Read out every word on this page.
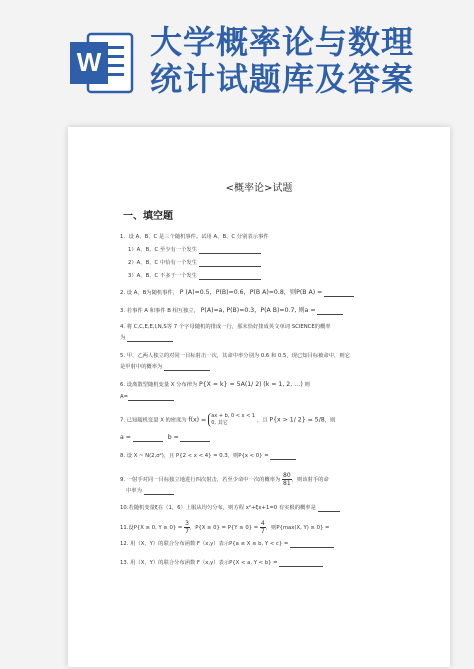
W
大学概率论与数理
统计试题库及答案
<概率论>试题
一、填空题
1．设 A、B、C 是三个随机事件。试用 A、B、C 分别表示事件
1）A、B、C 至少有一个发生
2）A、B、C 中恰有一个发生
3）A、B、C 不多于一个发生
2. 设 A、B为随机事件， P (A)=0.5，P(B)=0.6，P(B A)=0.8，则P(B A) =
3. 若事件 A 和事件 B 相互独立， P(A)=a, P(B)=0.3，P(A B)=0.7, 则a =
4. 将 C,C,E,E,I,N,S等 7 个字母随机的排成一行，那末恰好排成英文单词 SCIENCE的概率
为
5. 甲、乙两人独立的对同一目标射击一次，其命中率分别为 0.6 和 0.5，现已知目标被命中，则它
是甲射中的概率为
6. 设离散型随机变量 X 分布律为 P{X = k} = 5A(1/ 2) (k = 1, 2, …) 则
A=
7. 已知随机变量 X 的密度为 f(x) =ax + b, 0 < x < 1
0, 其它	，且 P{x > 1/ 2} = 5/8，则
a =	b =
8. 设 X ~ N(2,σ²)，且 P{2 < x < 4} = 0.3，则P{x < 0} =
9. 一射手对同一目标独立地进行四次射击，若至少命中一次的概率为 $\frac{80}{81}$ ，则该射手的命
中率为
10.若随机变量ξ在（1，6）上服从均匀分布，则方程 x²+ξx+1=0 有实根的概率是
11.设P{X ≥ 0, $Y \ge 0\} = \frac{3}{7}$ ，$P\{X \ge 0\} = P\{Y \ge 0\} = \frac{4}{7}$ ，则P{max(X, Y) ≥ 0} =
12. 用（X，Y）的联合分布函数 F（x,y）表示P{a ≤ X ≤ b, Y < c} =
13. 用（X，Y）的联合分布函数 F（x,y）表示P{X < a, Y < b} =
